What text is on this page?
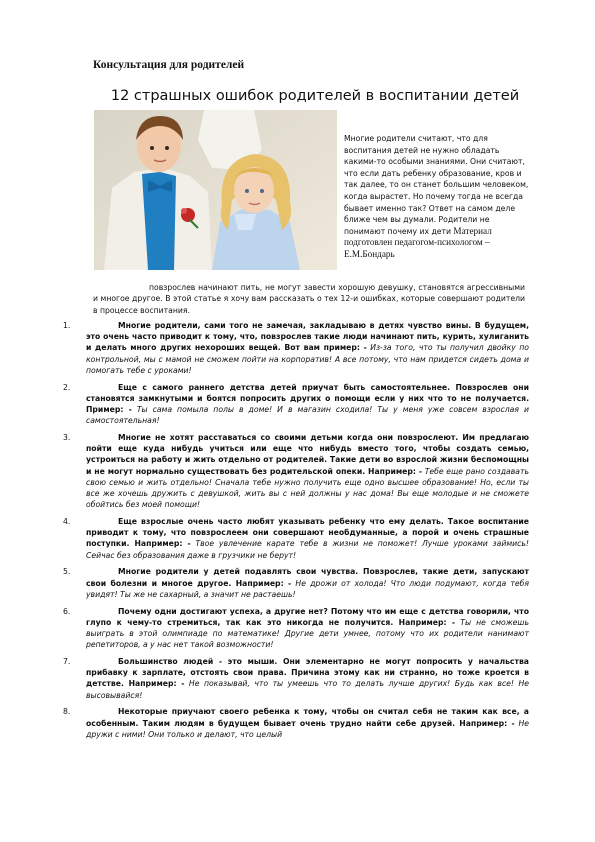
Консультация для родителей
12 страшных ошибок родителей в воспитании детей
Многие родители считают, что для воспитания детей не нужно обладать какими-то особыми знаниями. Они считают, что если дать ребенку образование, кров и так далее, то он станет большим человеком, когда вырастет. Но почему тогда не всегда бывает именно так? Ответ на самом деле ближе чем вы думали. Родители не понимают почему их дети Материал подготовлен педагогом-психологом – Е.М.Бондарь
повзрослев начинают пить, не могут завести хорошую девушку, становятся агрессивными и многое другое. В этой статье я хочу вам рассказать о тех 12-и ошибках, которые совершают родители в процессе воспитания.
1.	Многие родители, сами того не замечая, закладываю в детях чувство вины. В будущем, это очень часто приводит к тому, что, повзрослев такие люди начинают пить, курить, хулиганить и делать много других нехороших вещей. Вот вам пример: - Из-за того, что ты получил двойку по контрольной, мы с мамой не сможем пойти на корпоратив! А все потому, что нам придется сидеть дома и помогать тебе с уроками!
2.	Еще с самого раннего детства детей приучат быть самостоятельнее. Повзрослев они становятся замкнутыми и боятся попросить других о помощи если у них что то не получается. Пример: - Ты сама помыла полы в доме! И в магазин сходила! Ты у меня уже совсем взрослая и самостоятельная!
3.	Многие не хотят расставаться со своими детьми когда они повзрослеют. Им предлагаю пойти еще куда нибудь учиться или еще что нибудь вместо того, чтобы создать семью, устроиться на работу и жить отдельно от родителей. Такие дети во взрослой жизни беспомощны и не могут нормально существовать без родительской опеки. Например: - Тебе еще рано создавать свою семью и жить отдельно! Сначала тебе нужно получить еще одно высшее образование! Но, если ты все же хочешь дружить с девушкой, жить вы с ней должны у нас дома! Вы еще молодые и не сможете обойтись без моей помощи!
4.	Еще взрослые очень часто любят указывать ребенку что ему делать. Такое воспитание приводит к тому, что повзрослеем они совершают необдуманные, а порой и очень страшные поступки. Например: - Твое увлечение карате тебе в жизни не поможет! Лучше уроками займись! Сейчас без образования даже в грузчики не берут!
5.	Многие родители у детей подавлять свои чувства. Повзрослев, такие дети, запускают свои болезни и многое другое. Например: - Не дрожи от холода! Что люди подумают, когда тебя увидят! Ты же не сахарный, а значит не растаешь!
6.	Почему одни достигают успеха, а другие нет? Потому что им еще с детства говорили, что глупо к чему-то стремиться, так как это никогда не получится. Например: - Ты не сможешь выиграть в этой олимпиаде по математике! Другие дети умнее, потому что их родители нанимают репетиторов, а у нас нет такой возможности!
7.	Большинство людей - это мыши. Они элементарно не могут попросить у начальства прибавку к зарплате, отстоять свои права. Причина этому как ни странно, но тоже кроется в детстве. Например: - Не показывай, что ты умеешь что то делать лучше других! Будь как все! Не высовывайся!
8.	Некоторые приучают своего ребенка к тому, чтобы он считал себя не таким как все, а особенным. Таким людям в будущем бывает очень трудно найти себе друзей. Например: - Не дружи с ними! Они только и делают, что целый
